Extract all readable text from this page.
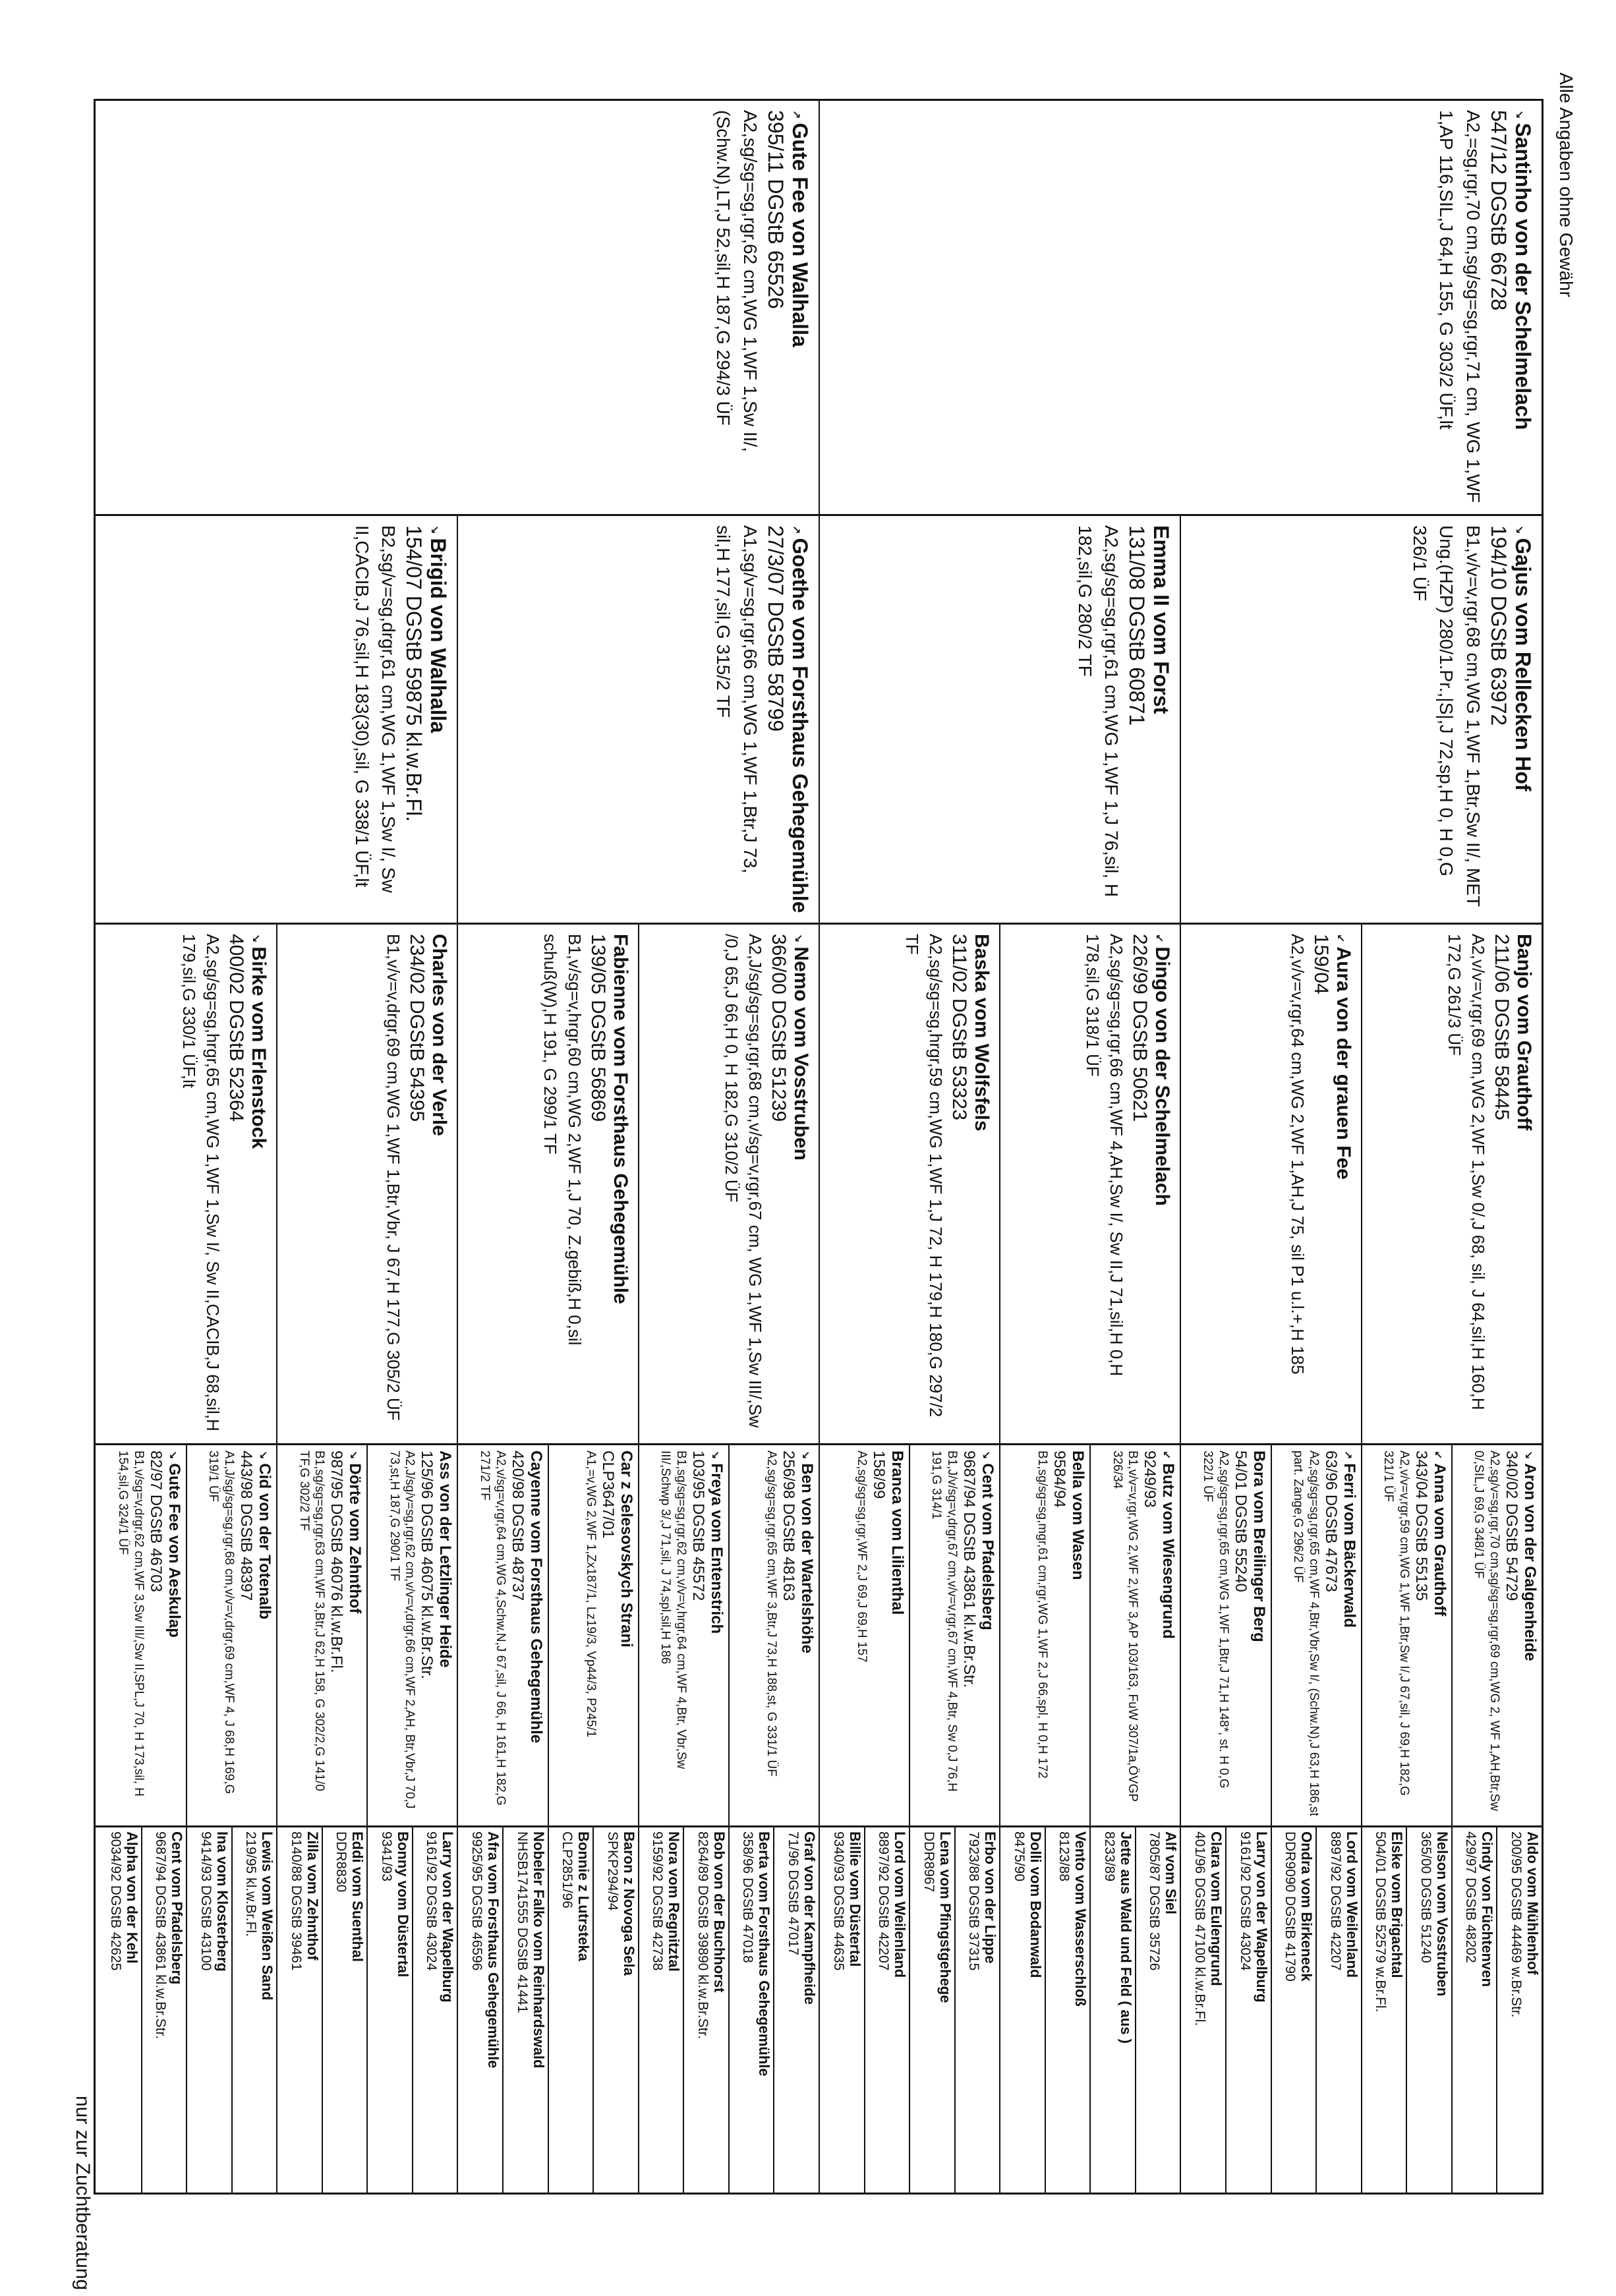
nur zur Zuchtberatung
Alle Angaben ohne Gewähr
↘Santinho von der Schelmelach
547/12 DGStB 66728
A2,=sg,rgr,70 cm,sg/sg=sg,rgr,71 cm, WG 1,WF 1,AP 116,SIL,J 64,H 155, G 303/2 ÜF,lt
↗Gute Fee von Walhalla
395/11 DGStB 65526
A2,sg/sg=sg,rgr,62 cm,WG 1,WF 1,Sw II/,(Schw.N),LT,J 52,sil,H 187,G 294/3 ÜF
↘Gajus vom Rellecken Hof
194/10 DGStB 63972
B1,v/v=v,rgr,68 cm,WG 1,WF 1,Btr,Sw II/, MET Ung.(HZP) 280/1.Pr.,|S|,J 72,sp,H 0, H 0,G 326/1 ÜF
Emma II vom Forst
131/08 DGStB 60871
A2,sg/sg=sg,rgr,61 cm,WG 1,WF 1,J 76,sil, H 182,sil,G 280/2 TF
↗Goethe vom Forsthaus Gehegemühle
27/3/07 DGStB 58799
A1,sg/v=sg,rgr,66 cm,WG 1,WF 1,Btr,J 73, sil,H 177,sil,G 315/2 TF
↘Brigid von Walhalla
154/07 DGStB 59875 kl.w.Br.Fl.
B2,sg/v=sg,drgr,61 cm,WG 1,WF 1,Sw I/, Sw II,CACIB,J 76,sil,H 183(30),sil, G 338/1 ÜF,lt
Banjo vom Grauthoff
211/06 DGStB 58445
A2,v/v=v,rgr,69 cm,WG 2,WF 1,Sw 0/,J 68, sil, J 64,sil,H 160,H 172,G 261/3 ÜF
↙Aura von der grauen Fee
159/04
A2,v/v=v,rgr,64 cm,WG 2,WF 1,AH,J 75, sil P1 u.l.+,H 185
↙Dingo von der Schelmelach
226/99 DGStB 50621
A2,sg/sg=sg,rgr,66 cm,WF 4,AH,Sw I/, Sw II,J 71,sil,H 0,H 178,sil,G 318/1 ÜF
Baska vom Wolfsfels
311/02 DGStB 53323
A2,sg/sg=sg,hrgr,59 cm,WG 1,WF 1,J 72, H 179,H 180,G 297/2 TF
↘Nemo vom Vosstruben
366/00 DGStB 51239
A2,J/sg/sg=sg,rgr,68 cm,v/sg=v,rgr,67 cm, WG 1,WF 1,Sw III/,Sw /0,J 65,J 66,H 0, H 182,G 310/2 ÜF
Fabienne vom Forsthaus Gehegemühle
139/05 DGStB 56869
B1,v/sg=v,hrgr,60 cm,WG 2,WF 1,J 70, Z.gebiß,H 0,sil schuß(W),H 191, G 299/1 TF
Charles von der Verle
234/02 DGStB 54395
B1,v/v=v,drgr,69 cm,WG 1,WF 1,Btr,Vbr, J 67,H 177,G 305/2 ÜF
↘Birke vom Erlenstock
400/02 DGStB 52364
A2,sg/sg=sg,hrgr,65 cm,WG 1,WF 1,Sw I/, Sw II,CACIB,J 68,sil,H 179,sil,G 330/1 ÜF,lt
↘Aron von der Galgenheide
340/02 DGStB 54729
A2,sg/v=sg,rgr,70 cm,sg/sg=sg,rgr,69 cm,WG 2, WF 1,AH,Btr,Sw 0/,SIL,J 69,G 348/1 ÜF
↙Anna vom Grauthoff
343/04 DGStB 55135
A2,v/v=v,rgr,59 cm,WG 1,WF 1,Btr,Sw I/,J 67,sil, J 69,H 182,G 321/1 ÜF
↗Ferri vom Bäckerwald
63/96 DGStB 47673
A2,sg/sg=sg,rgr,65 cm,WF 4,Btr,Vbr,Sw I/, (Schw.N),J 63,H 186,st part. Zange,G 296/2 ÜF
Bora vom Breilinger Berg
54/01 DGStB 55240
A2,sg/sg=sg,rgr,65 cm,WG 1,WF 1,Btr,J 71,H 148*, st. H 0,G 322/1 ÜF
↙Butz vom Wiesengrund
9249/93
B1,v/v=v,rgr,WG 2,WF 2,WF 3,AP 103/163, FuW 307/1a,ÖVGP 326/34
Bella vom Wasen
9584/94
B1,sg/sg=sg,mgr,61 cm,rgr,WG 1,WF 2,J 66,spl, H 0,H 172
↘Cent vom Pfadelsberg
9687/94 DGStB 43861 kl.w.Br.Str.
B1,J/v/sg=v,drgr,67 cm,v/v=v,rgr,67 cm,WF 4,Btr, Sw 0,J 76,H 191,G 314/1
Branca vom Lilienthal
158/99
A2,sg/sg=sg,rgr,WF 2,J 69,J 69,H 157
↘Ben von der Wartelshöhe
256/98 DGStB 48163
A2,sg/sg=sg,rgr,65 cm,WF 3,Btr,J 73,H 188,st, G 331/1 ÜF
↘Freya vom Entenstrich
103/95 DGStB 45572
B1,sg/sg=sg,rgr,62 cm,v/v=v,hrgr,64 cm,WF 4,Btr, Vbr,Sw III/,Schwp 3/,J 71,sil, J 74,spl,sil,H 186
Car z Selesovskych Strani
CLP3647/01
A1,=v,WG 2,WF 1,Zx187/1, Lz19/3, Vp44/3, P245/1
Cayenne vom Forsthaus Gehegemühle
420/98 DGStB 48737
A2,v/sg=v,rgr,64 cm,WG 4,Schw.N,J 67,sil, J 66, H 161,H 182,G 271/2 TF
Ass von der Letzlinger Heide
125/96 DGStB 46075 kl.w.Br.Str.
A2,J/sg/v=sg,rgr,62 cm,v/v=v,drgr,66 cm,WF 2,AH, Btr,Vbr,J 70,J 73,st,H 187,G 290/1 TF
↘Dörte vom Zehnthof
987/95 DGStB 46076 kl.w.Br.Fl.
B1,sg/sg=sg,rgr,63 cm,WF 3,Btr,J 62,H 158, G 302/2,G 141/0 TF,G 302/2 TF
↘Cid von der Totenalb
443/98 DGStB 48397
A1,J/sg/sg=sg,rgr,68 cm,v/v=v,drgr,69 cm,WF 4, J 68,H 169,G 319/1 ÜF
↘Gute Fee von Aeskulap
82/97 DGStB 46703
B1,v/sg=v,drgr,62 cm,WF 3,Sw III/,Sw II,SPL,J 70, H 173,sil, H 154,sil,G 324/1 ÜF
Aldo vom Mühlenhof
200/95 DGStB 44469 w.Br.Str.
Cindy von Füchtenven
429/97 DGStB 48202
Nelson vom Vosstruben
365/00 DGStB 51240
Elske vom Brigachtal
504/01 DGStB 52579 w.Br.Fl.
Lord vom Weilenland
8897/92 DGStB 42207
Ondra vom Birkeneck
DDR9090 DGStB 41790
Larry von der Wapelburg
9161/92 DGStB 43024
Clara vom Eulengrund
401/96 DGStB 47100 kl.w.Br.Fl.
Alf vom Siel
7805/87 DGStB 35726
Jette aus Wald und Feld ( aus )
8233/89
Vento vom Wasserschloß
8123/88
Dolli vom Bodanwald
8475/90
Erbo von der Lippe
7923/88 DGStB 37315
Lena vom Pfingstgehege
DDR8967
Lord vom Weilenland
8897/92 DGStB 42207
Billie vom Düstertal
9340/93 DGStB 44635
Graf von der Kampfheide
71/96 DGStB 47017
Berta vom Forsthaus Gehegemühle
358/96 DGStB 47018
Bob von der Buchhorst
8264/89 DGStB 39890 kl.w.Br.Str.
Nora vom Regnitztal
9159/92 DGStB 42738
Baron z Novoga Sela
SPKP294/94
Bonnie z Lutrsteka
CLP2851/96
Nobeler Falko vom Reinhardswald
NHSB1741555 DGStB 41441
Afra vom Forsthaus Gehegemühle
9925/95 DGStB 46596
Larry von der Wapelburg
9161/92 DGStB 43024
Bonny vom Düstertal
9341/93
Eddi vom Suenthal
DDR8830
Zilla vom Zehnthof
8140/88 DGStB 39461
Lewis vom Weißen Sand
219/95 kl.w.Br.Fl.
Ina vom Klosterberg
9414/93 DGStB 43100
Cent vom Pfadelsberg
9687/94 DGStB 43861 kl.w.Br.Str.
Alpha von der Kehl
9034/92 DGStB 42625
